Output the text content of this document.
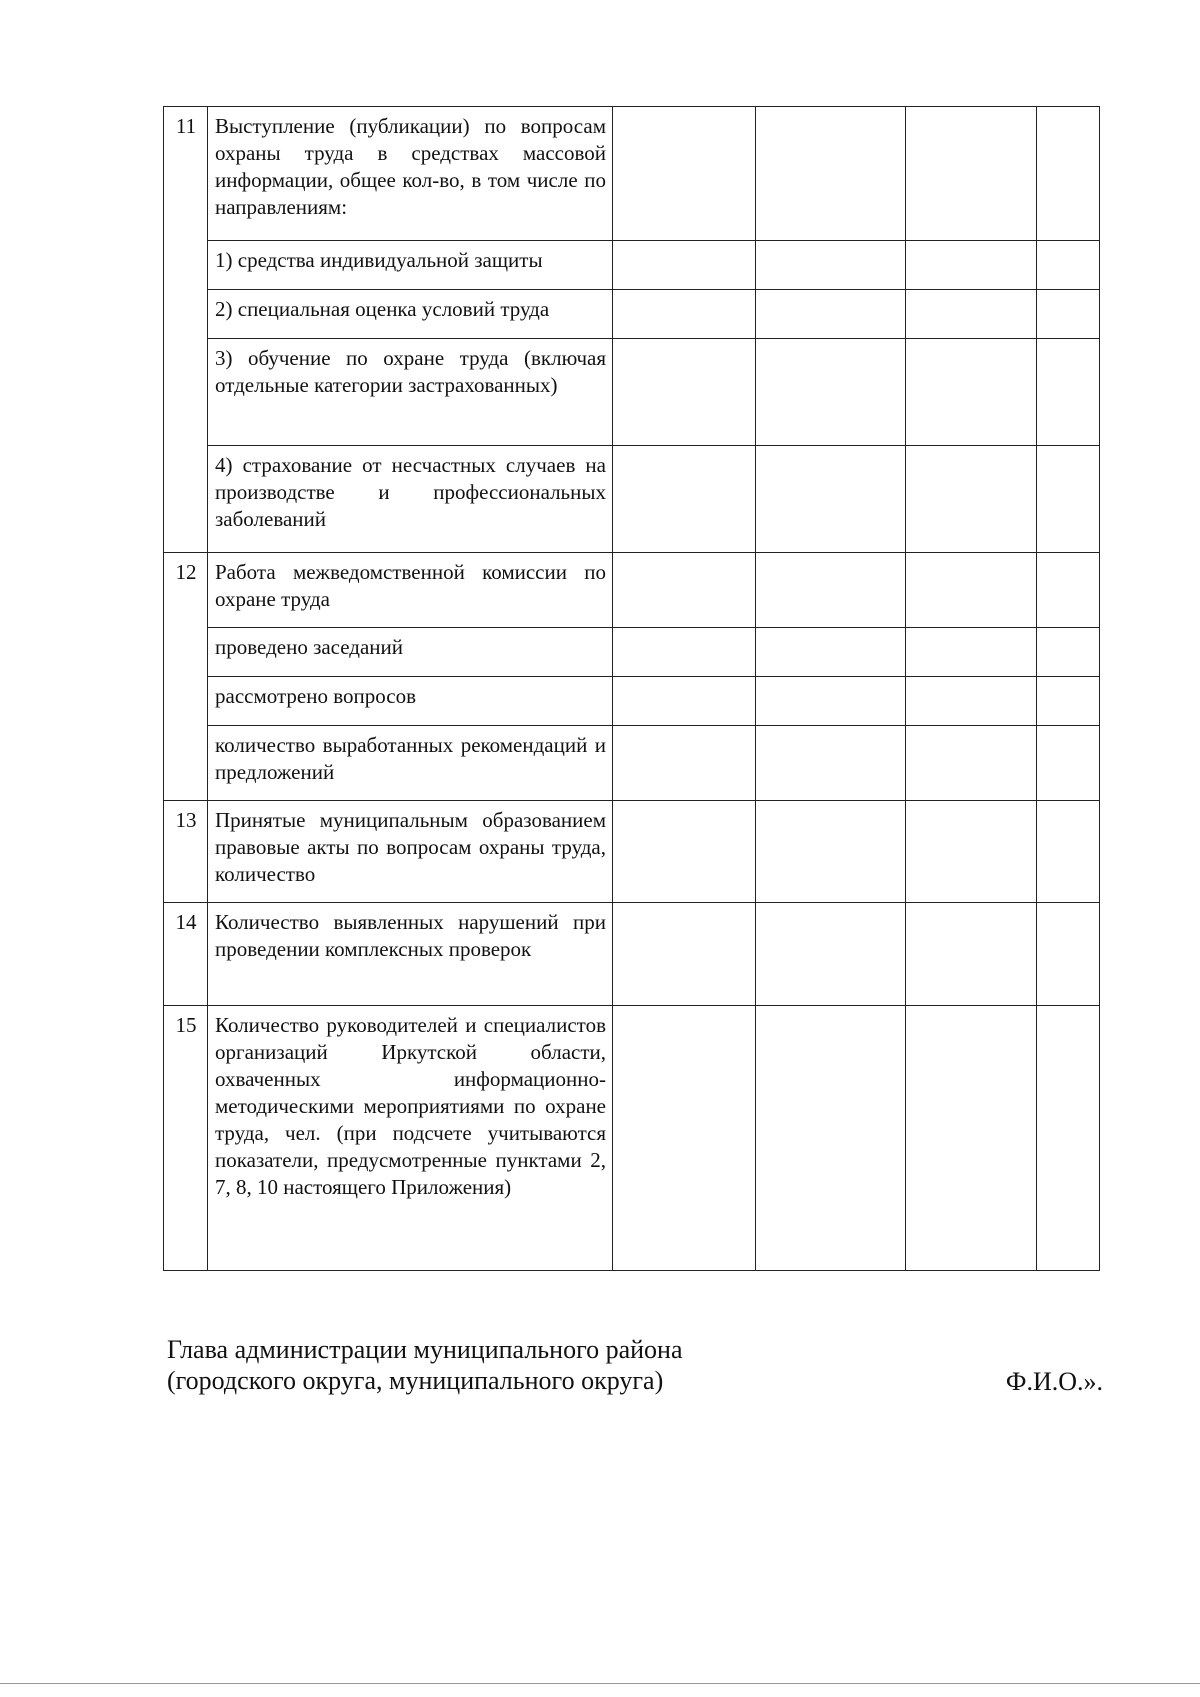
11	Выступление (публикации) по вопросам охраны труда в средствах массовой информации, общее кол-во, в том числе по направлениям:				
	1) средства индивидуальной защиты				
	2) специальная оценка условий труда				
	3) обучение по охране труда (включая отдельные категории застрахованных)				
	4) страхование от несчастных случаев на производстве и профессиональных заболеваний				
12	Работа межведомственной комиссии по охране труда				
	проведено заседаний				
	рассмотрено вопросов				
	количество выработанных рекомендаций и предложений				
13	Принятые муниципальным образованием правовые акты по вопросам охраны труда, количество				
14	Количество выявленных нарушений при проведении комплексных проверок				
15	Количество руководителей и специалистов организаций Иркутской области, охваченных информационно-методическими мероприятиями по охране труда, чел. (при подсчете учитываются показатели, предусмотренные пунктами 2, 7, 8, 10 настоящего Приложения)				
Глава администрации муниципального района
(городского округа, муниципального округа)	Ф.И.О.».
